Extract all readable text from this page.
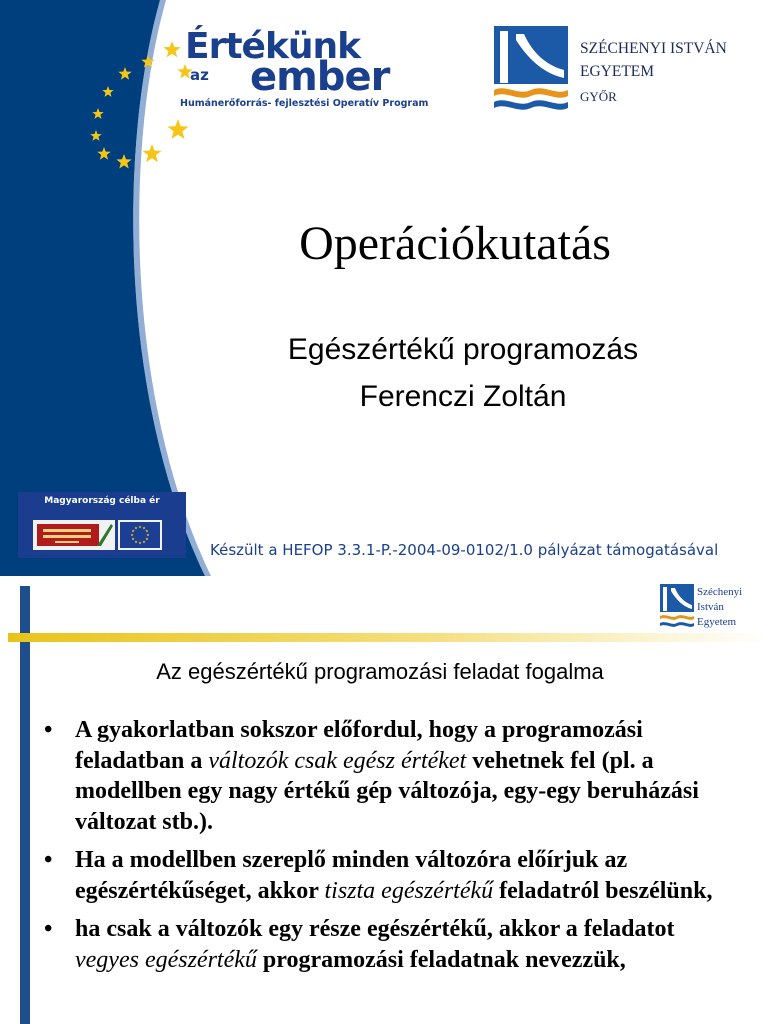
Értékünk
az ember
Humánerőforrás- fejlesztési Operatív Program
SZÉCHENYI ISTVÁN
EGYETEM
GYŐR
Operációkutatás
Egészértékű programozás
Ferenczi Zoltán
Magyarország célba ér
Készült a HEFOP 3.3.1-P.-2004-09-0102/1.0 pályázat támogatásával
Széchenyi
István
Egyetem
Az egészértékű programozási feladat fogalma
• A gyakorlatban sokszor előfordul, hogy a programozási feladatban a változók csak egész értéket vehetnek fel (pl. a modellben egy nagy értékű gép változója, egy-egy beruházási változat stb.).
• Ha a modellben szereplő minden változóra előírjuk az egészértékűséget, akkor tiszta egészértékű feladatról beszélünk,
• ha csak a változók egy része egészértékű, akkor a feladatot vegyes egészértékű programozási feladatnak nevezzük,
